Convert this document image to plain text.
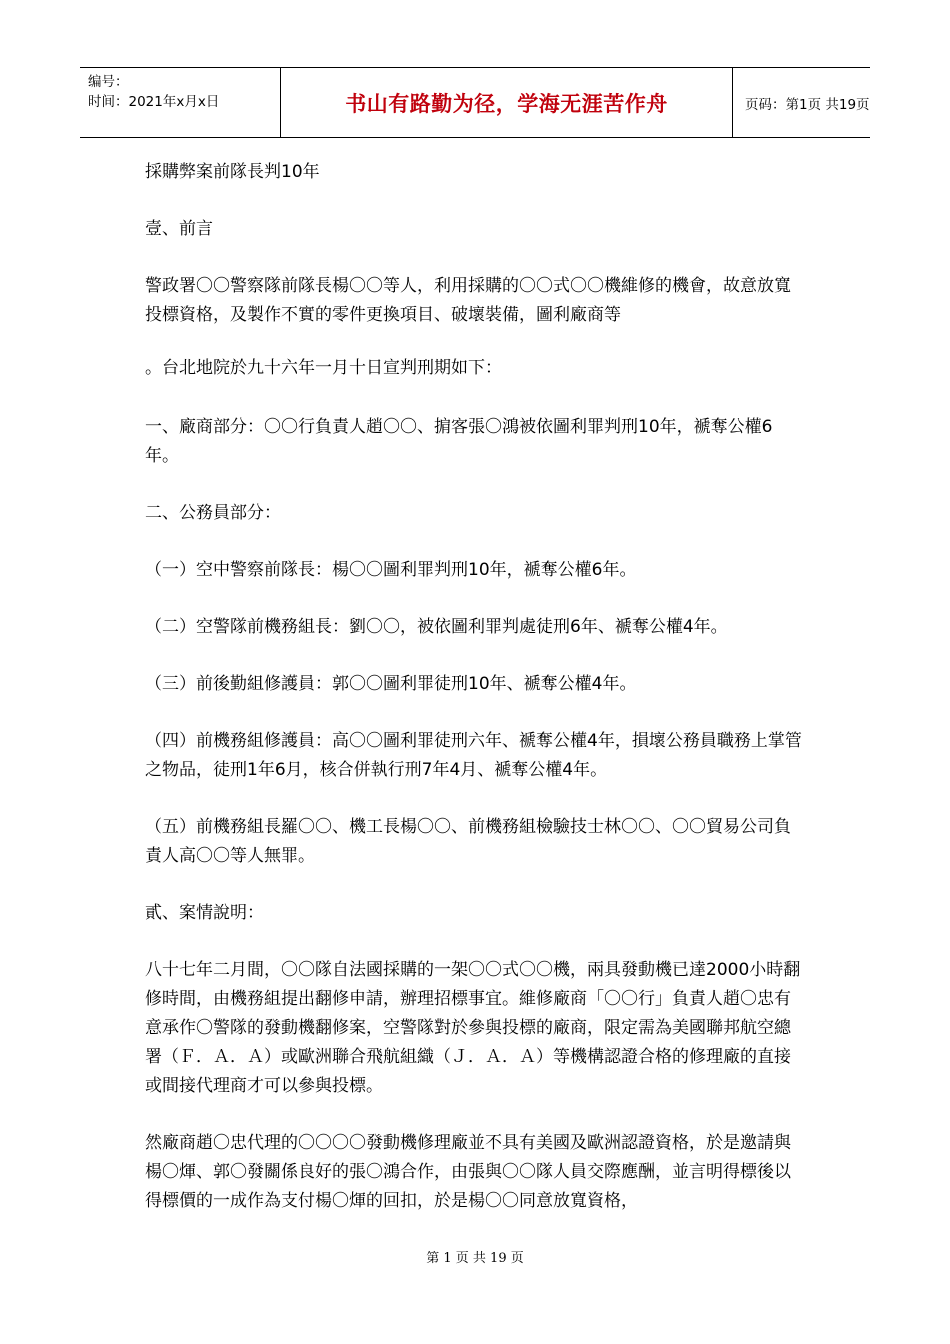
编号：
时间：2021年x月x日	书山有路勤为径，学海无涯苦作舟	页码：第1页 共19页

採購弊案前隊長判10年

壹、前言

警政署〇〇警察隊前隊長楊〇〇等人，利用採購的〇〇式〇〇機維修的機會，故意放寬投標資格，及製作不實的零件更換項目、破壞裝備，圖利廠商等

。台北地院於九十六年一月十日宣判刑期如下：

一、廠商部分：〇〇行負責人趙〇〇、掮客張〇鴻被依圖利罪判刑10年，褫奪公權6年。

二、公務員部分：

（一）空中警察前隊長：楊〇〇圖利罪判刑10年，褫奪公權6年。

（二）空警隊前機務組長：劉〇〇，被依圖利罪判處徒刑6年、褫奪公權4年。

（三）前後勤組修護員：郭〇〇圖利罪徒刑10年、褫奪公權4年。

（四）前機務組修護員：高〇〇圖利罪徒刑六年、褫奪公權4年，損壞公務員職務上掌管之物品，徒刑1年6月，核合併執行刑7年4月、褫奪公權4年。

（五）前機務組長羅〇〇、機工長楊〇〇、前機務組檢驗技士林〇〇、〇〇貿易公司負責人高〇〇等人無罪。

貳、案情說明：

八十七年二月間，〇〇隊自法國採購的一架〇〇式〇〇機，兩具發動機已達2000小時翻修時間，由機務組提出翻修申請，辦理招標事宜。維修廠商「〇〇行」負責人趙〇忠有意承作〇警隊的發動機翻修案，空警隊對於參與投標的廠商，限定需為美國聯邦航空總署（Ｆ．Ａ．Ａ）或歐洲聯合飛航組織（Ｊ．Ａ．Ａ）等機構認證合格的修理廠的直接或間接代理商才可以參與投標。

然廠商趙〇忠代理的〇〇〇〇發動機修理廠並不具有美國及歐洲認證資格，於是邀請與楊〇煇、郭〇發關係良好的張〇鴻合作，由張與〇〇隊人員交際應酬，並言明得標後以得標價的一成作為支付楊〇煇的回扣，於是楊〇〇同意放寬資格，

第 1 页 共 19 页
